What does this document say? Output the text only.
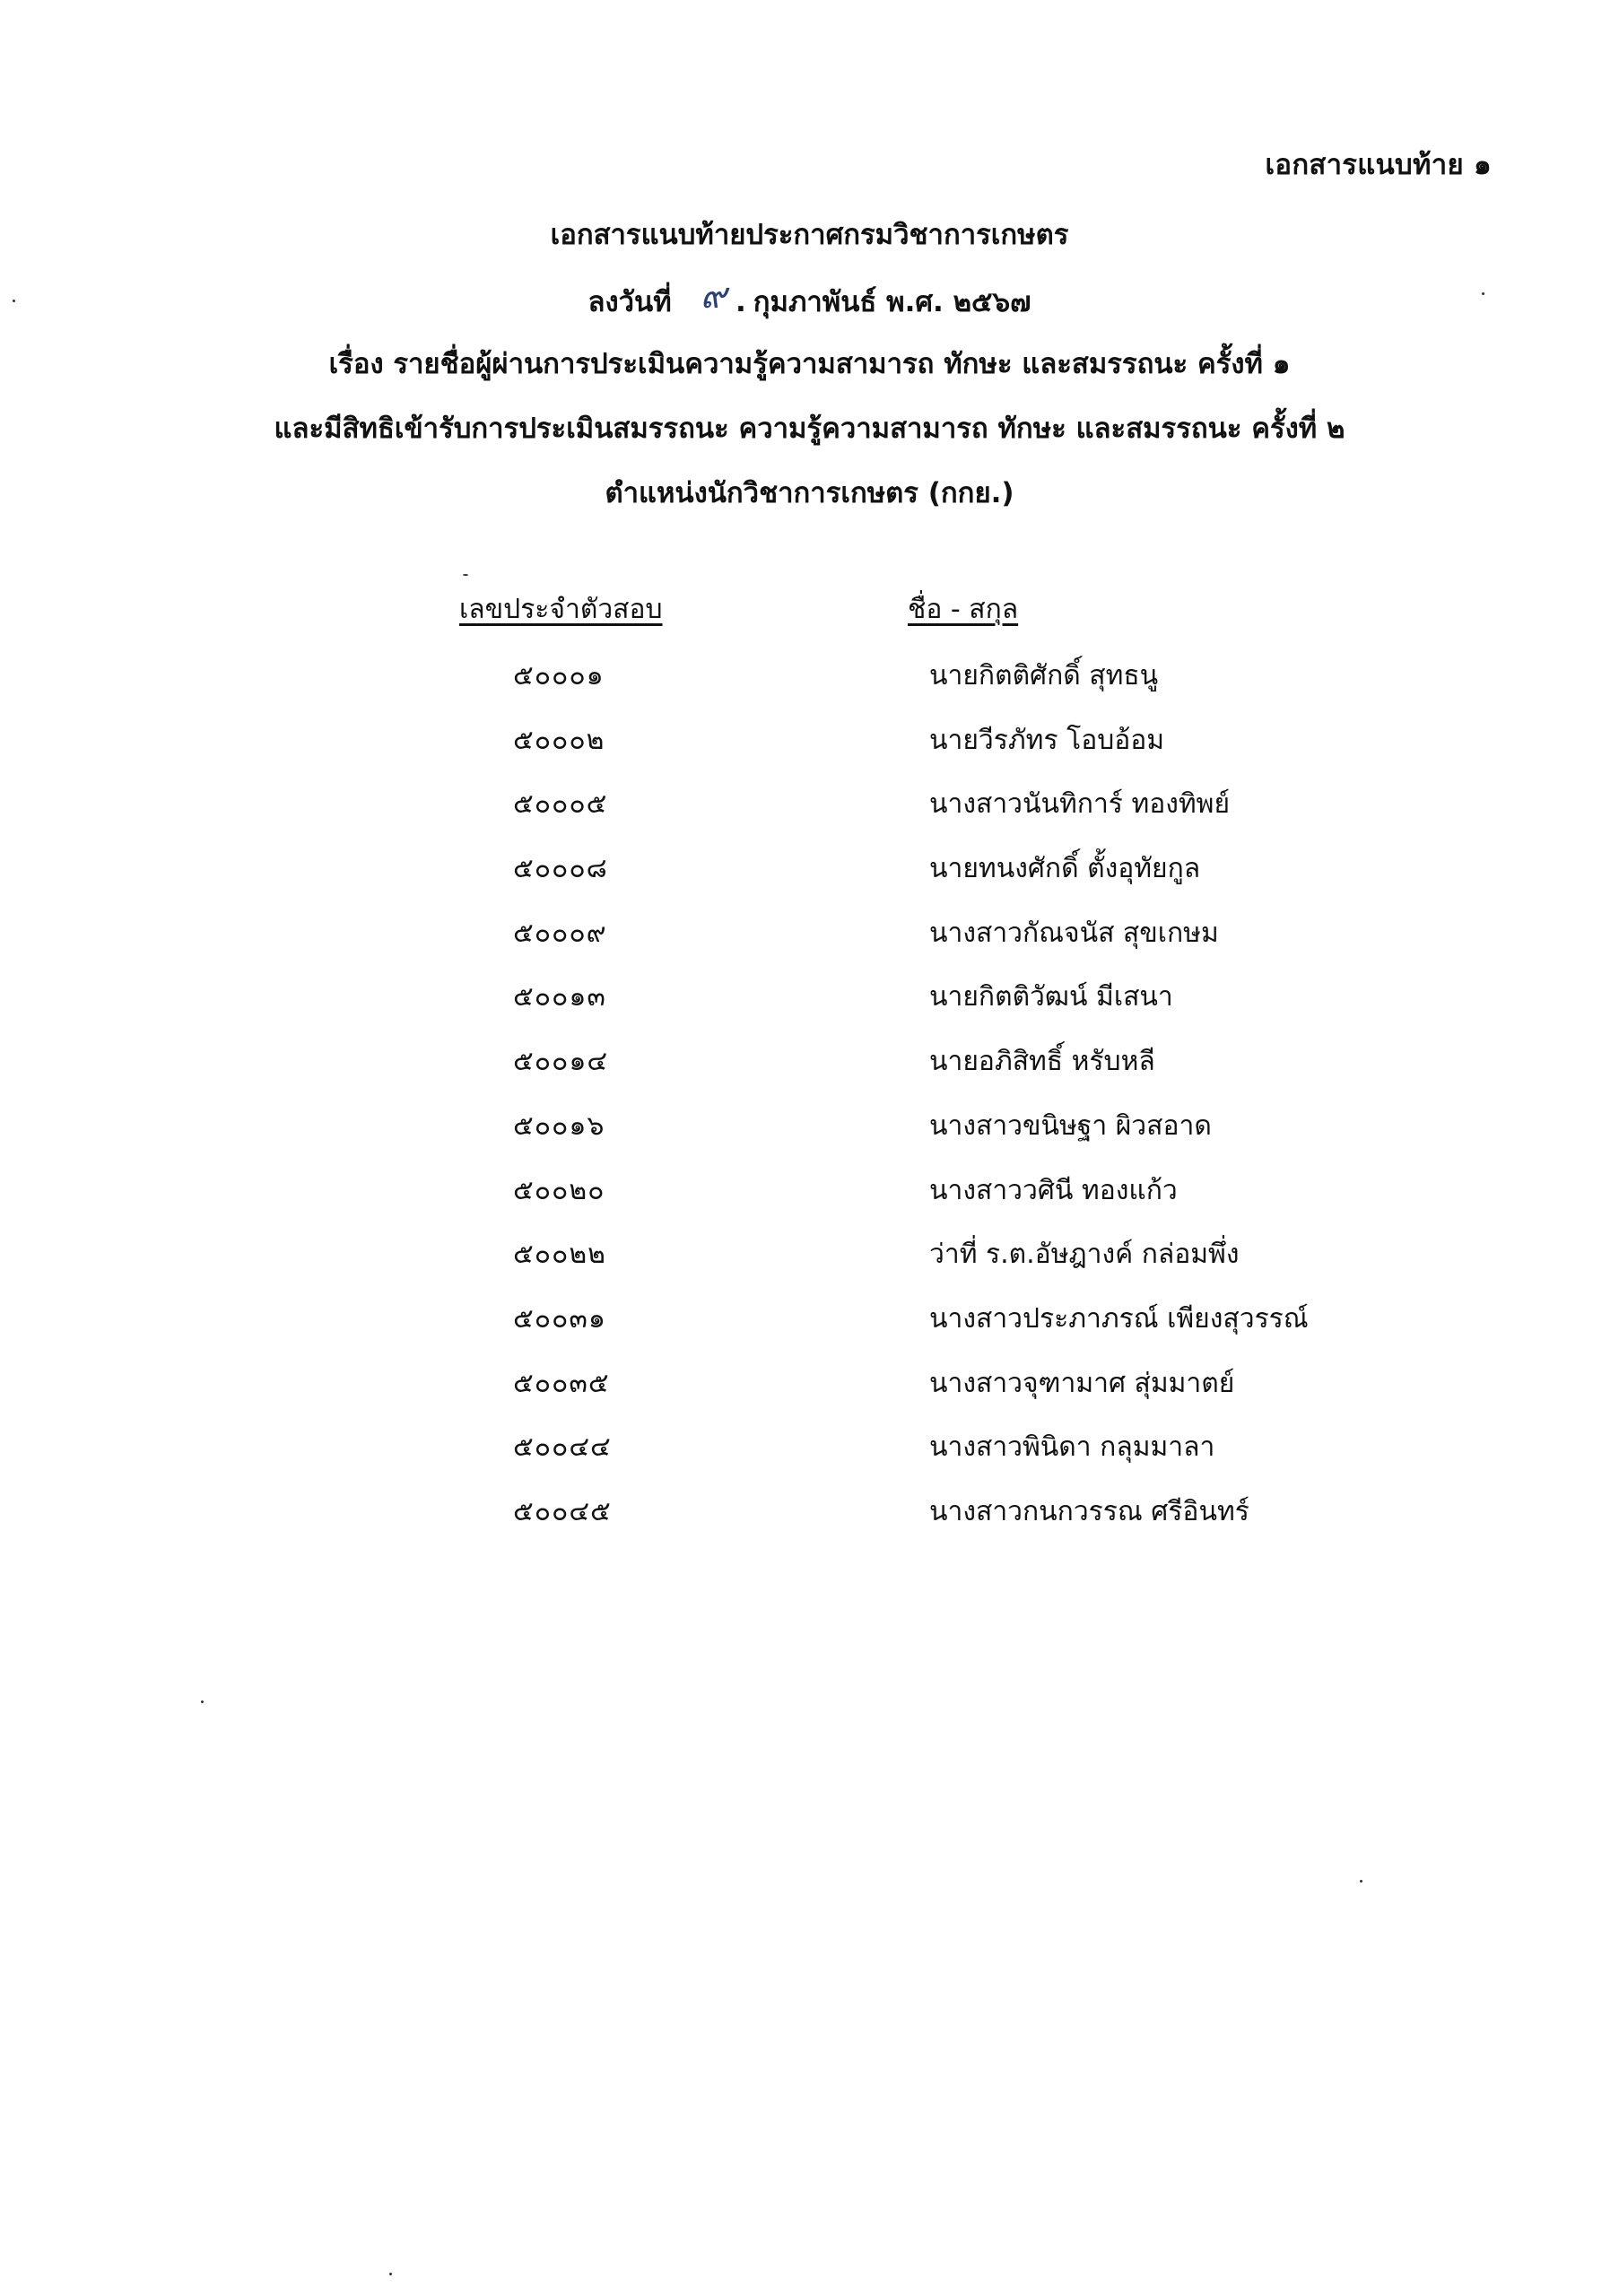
เอกสารแนบท้าย ๑
เอกสารแนบท้ายประกาศกรมวิชาการเกษตร
ลงวันที่ ๙ . กุมภาพันธ์ พ.ศ. ๒๕๖๗
เรื่อง รายชื่อผู้ผ่านการประเมินความรู้ความสามารถ ทักษะ และสมรรถนะ ครั้งที่ ๑
และมีสิทธิเข้ารับการประเมินสมรรถนะ ความรู้ความสามารถ ทักษะ และสมรรถนะ ครั้งที่ ๒
ตำแหน่งนักวิชาการเกษตร (กกย.)
เลขประจำตัวสอบ	ชื่อ - สกุล
๕๐๐๐๑	นายกิตติศักดิ์ สุทธนู
๕๐๐๐๒	นายวีรภัทร โอบอ้อม
๕๐๐๐๕	นางสาวนันทิการ์ ทองทิพย์
๕๐๐๐๘	นายทนงศักดิ์ ตั้งอุทัยกูล
๕๐๐๐๙	นางสาวกัณจนัส สุขเกษม
๕๐๐๑๓	นายกิตติวัฒน์ มีเสนา
๕๐๐๑๔	นายอภิสิทธิ์ หรับหลี
๕๐๐๑๖	นางสาวขนิษฐา ผิวสอาด
๕๐๐๒๐	นางสาววศินี ทองแก้ว
๕๐๐๒๒	ว่าที่ ร.ต.อัษฎางค์ กล่อมพึ่ง
๕๐๐๓๑	นางสาวประภาภรณ์ เพียงสุวรรณ์
๕๐๐๓๕	นางสาวจุฑามาศ สุ่มมาตย์
๕๐๐๔๔	นางสาวพินิดา กลุมมาลา
๕๐๐๔๕	นางสาวกนกวรรณ ศรีอินทร์
